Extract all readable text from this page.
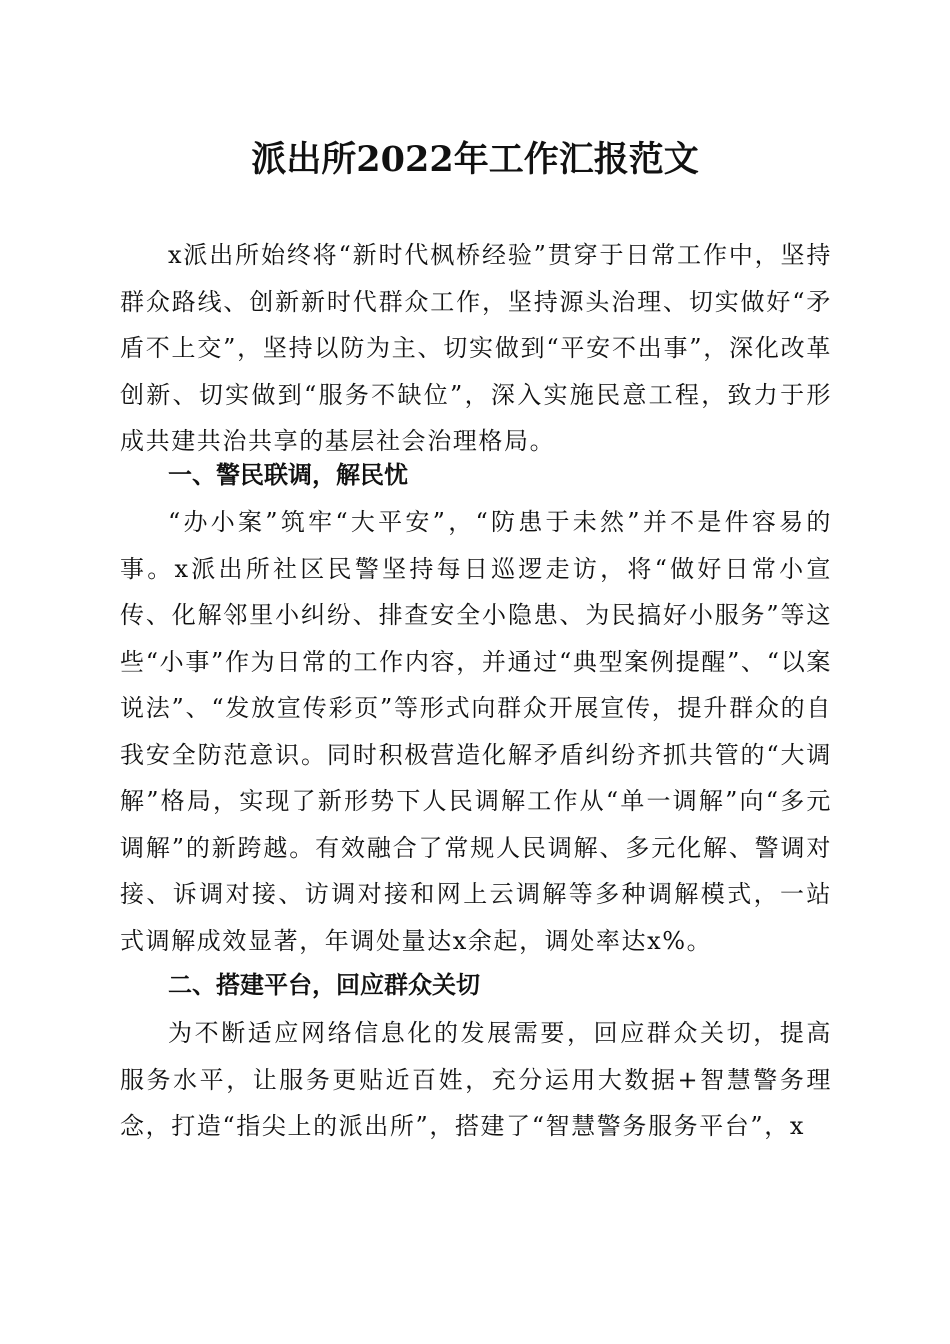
派出所2022年工作汇报范文

x派出所始终将“新时代枫桥经验”贯穿于日常工作中，坚持群众路线、创新新时代群众工作，坚持源头治理、切实做好“矛盾不上交”，坚持以防为主、切实做到“平安不出事”，深化改革创新、切实做到“服务不缺位”，深入实施民意工程，致力于形成共建共治共享的基层社会治理格局。

一、警民联调，解民忧

“办小案”筑牢“大平安”，“防患于未然”并不是件容易的事。x派出所社区民警坚持每日巡逻走访，将“做好日常小宣传、化解邻里小纠纷、排查安全小隐患、为民搞好小服务”等这些“小事”作为日常的工作内容，并通过“典型案例提醒”、“以案说法”、“发放宣传彩页”等形式向群众开展宣传，提升群众的自我安全防范意识。同时积极营造化解矛盾纠纷齐抓共管的“大调解”格局，实现了新形势下人民调解工作从“单一调解”向“多元调解”的新跨越。有效融合了常规人民调解、多元化解、警调对接、诉调对接、访调对接和网上云调解等多种调解模式，一站式调解成效显著，年调处量达x余起，调处率达x%。

二、搭建平台，回应群众关切

为不断适应网络信息化的发展需要，回应群众关切，提高服务水平，让服务更贴近百姓，充分运用大数据+智慧警务理念，打造“指尖上的派出所”，搭建了“智慧警务服务平台”，x
